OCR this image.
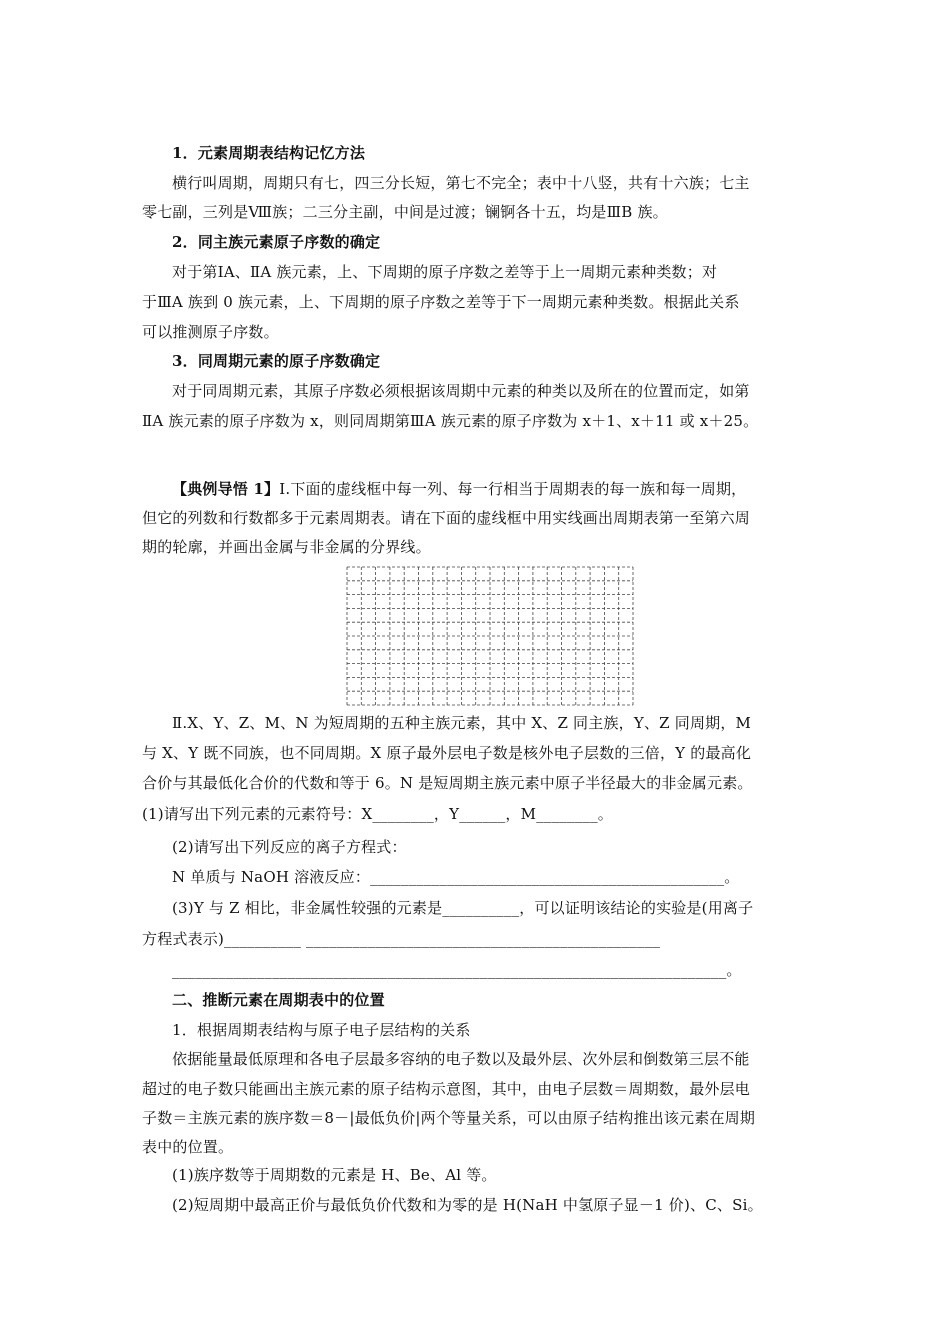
1．元素周期表结构记忆方法
横行叫周期，周期只有七，四三分长短，第七不完全；表中十八竖，共有十六族；七主
零七副，三列是Ⅷ族；二三分主副，中间是过渡；镧锕各十五，均是ⅢB 族。
2．同主族元素原子序数的确定
对于第ⅠA、ⅡA 族元素，上、下周期的原子序数之差等于上一周期元素种类数；对
于ⅢA 族到 0 族元素，上、下周期的原子序数之差等于下一周期元素种类数。根据此关系
可以推测原子序数。
3．同周期元素的原子序数确定
对于同周期元素，其原子序数必须根据该周期中元素的种类以及所在的位置而定，如第
ⅡA 族元素的原子序数为 x，则同周期第ⅢA 族元素的原子序数为 x＋1、x＋11 或 x＋25。
【典例导悟 1】Ⅰ.下面的虚线框中每一列、每一行相当于周期表的每一族和每一周期，
但它的列数和行数都多于元素周期表。请在下面的虚线框中用实线画出周期表第一至第六周
期的轮廓，并画出金属与非金属的分界线。
Ⅱ.X、Y、Z、M、N 为短周期的五种主族元素，其中 X、Z 同主族，Y、Z 同周期，M
与 X、Y 既不同族，也不同周期。X 原子最外层电子数是核外电子层数的三倍，Y 的最高化
合价与其最低化合价的代数和等于 6。N 是短周期主族元素中原子半径最大的非金属元素。
(1)请写出下列元素的元素符号：X________，Y______，M________。
(2)请写出下列反应的离子方程式：
N 单质与 NaOH 溶液反应：______________________________________________。
(3)Y 与 Z 相比，非金属性较强的元素是__________，可以证明该结论的实验是(用离子
方程式表示)__________ ______________________________________________
________________________________________________________________________。
二、推断元素在周期表中的位置
1．根据周期表结构与原子电子层结构的关系
依据能量最低原理和各电子层最多容纳的电子数以及最外层、次外层和倒数第三层不能
超过的电子数只能画出主族元素的原子结构示意图，其中，由电子层数＝周期数，最外层电
子数＝主族元素的族序数＝8－|最低负价|两个等量关系，可以由原子结构推出该元素在周期
表中的位置。
(1)族序数等于周期数的元素是 H、Be、Al 等。
(2)短周期中最高正价与最低负价代数和为零的是 H(NaH 中氢原子显－1 价)、C、Si。
